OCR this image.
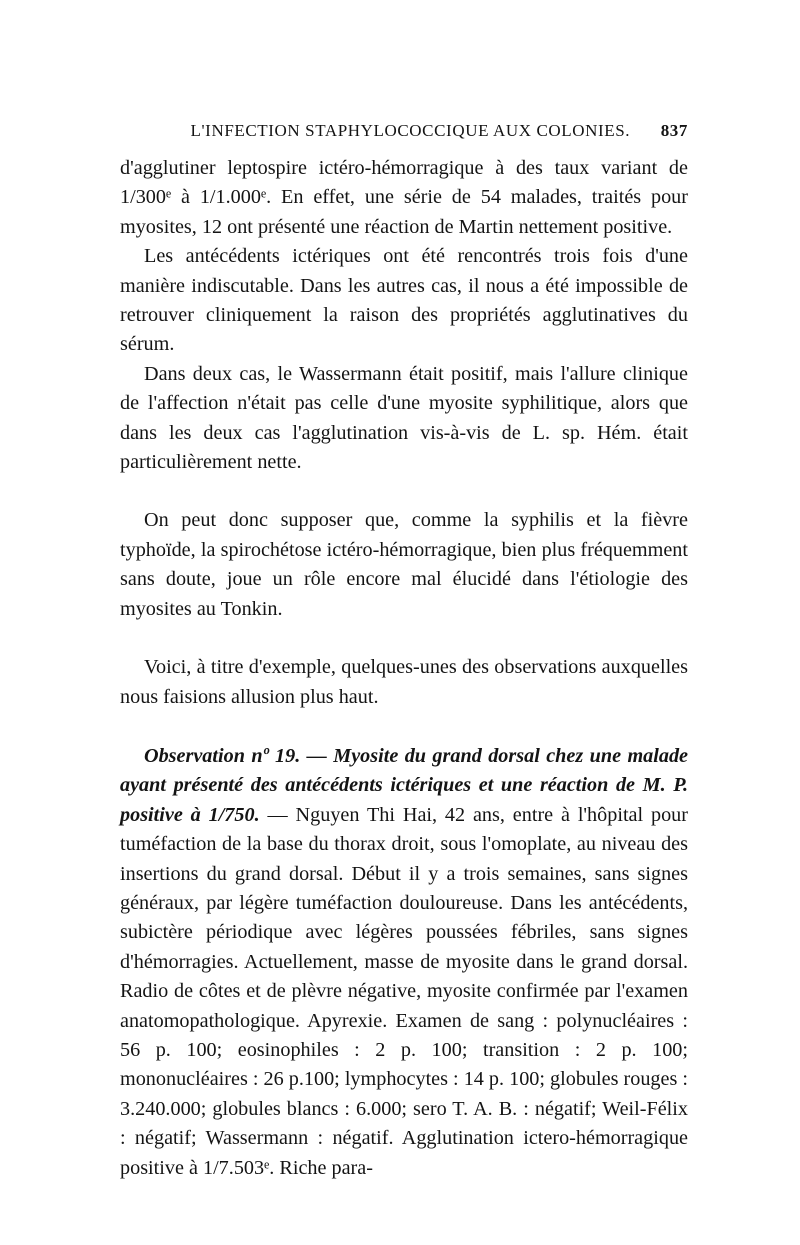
L'INFECTION STAPHYLOCOCCIQUE AUX COLONIES.	837

d'agglutiner leptospire ictéro-hémorragique à des taux variant de 1/300ᵉ à 1/1.000ᵉ. En effet, une série de 54 malades, traités pour myosites, 12 ont présenté une réaction de Martin nettement positive.

Les antécédents ictériques ont été rencontrés trois fois d'une manière indiscutable. Dans les autres cas, il nous a été impossible de retrouver cliniquement la raison des propriétés agglutinatives du sérum.

Dans deux cas, le Wassermann était positif, mais l'allure clinique de l'affection n'était pas celle d'une myosite syphilitique, alors que dans les deux cas l'agglutination vis-à-vis de L. sp. Hém. était particulièrement nette.

On peut donc supposer que, comme la syphilis et la fièvre typhoïde, la spirochétose ictéro-hémorragique, bien plus fréquemment sans doute, joue un rôle encore mal élucidé dans l'étiologie des myosites au Tonkin.

Voici, à titre d'exemple, quelques-unes des observations auxquelles nous faisions allusion plus haut.

Observation nº 19. — Myosite du grand dorsal chez une malade ayant présenté des antécédents ictériques et une réaction de M. P. positive à 1/750. — Nguyen Thi Hai, 42 ans, entre à l'hôpital pour tuméfaction de la base du thorax droit, sous l'omoplate, au niveau des insertions du grand dorsal. Début il y a trois semaines, sans signes généraux, par légère tuméfaction douloureuse. Dans les antécédents, subictère périodique avec légères poussées fébriles, sans signes d'hémorragies. Actuellement, masse de myosite dans le grand dorsal. Radio de côtes et de plèvre négative, myosite confirmée par l'examen anatomopathologique. Apyrexie. Examen de sang : polynucléaires : 56 p. 100; eosinophiles : 2 p. 100; transition : 2 p. 100; mononucléaires : 26 p.100; lymphocytes : 14 p. 100; globules rouges : 3.240.000; globules blancs : 6.000; sero T. A. B. : négatif; Weil-Félix : négatif; Wassermann : négatif. Agglutination ictero-hémorragique positive à 1/7.503ᵉ. Riche para-
